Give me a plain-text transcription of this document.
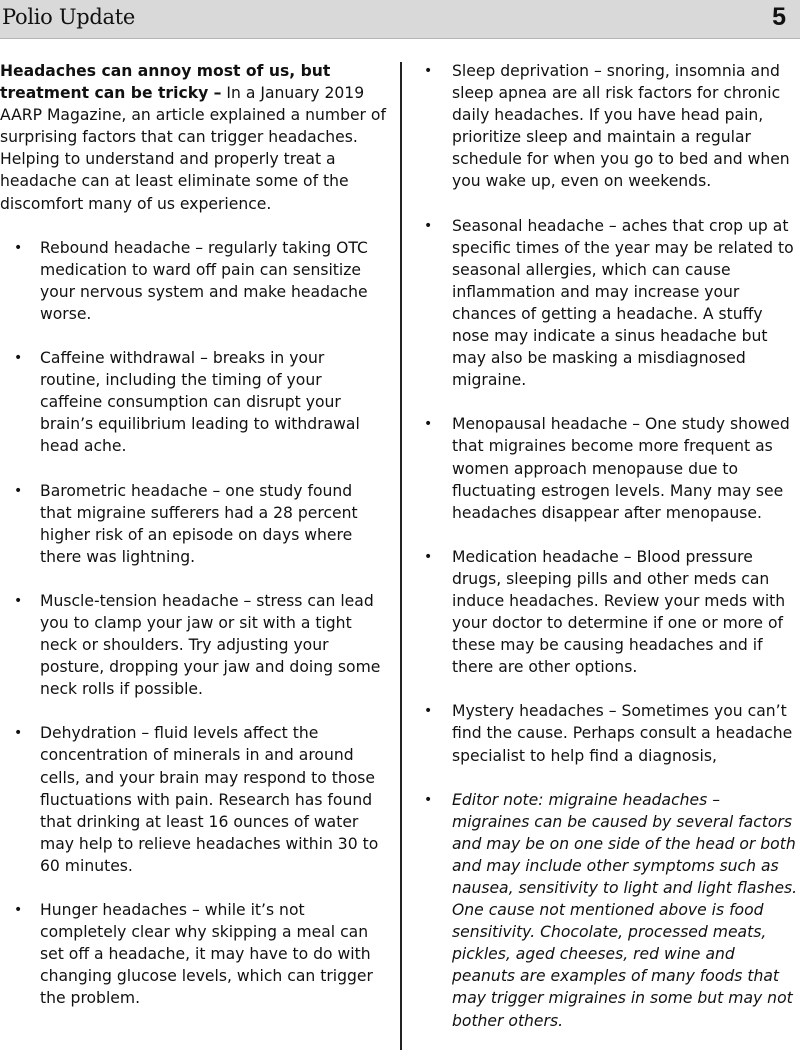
Polio Update	5

Headaches can annoy most of us, but treatment can be tricky – In a January 2019 AARP Magazine, an article explained a number of surprising factors that can trigger headaches. Helping to understand and properly treat a headache can at least eliminate some of the discomfort many of us experience.

• Rebound headache – regularly taking OTC medication to ward off pain can sensitize your nervous system and make headache worse.
• Caffeine withdrawal – breaks in your routine, including the timing of your caffeine consumption can disrupt your brain’s equilibrium leading to withdrawal head ache.
• Barometric headache – one study found that migraine sufferers had a 28 percent higher risk of an episode on days where there was lightning.
• Muscle-tension headache – stress can lead you to clamp your jaw or sit with a tight neck or shoulders. Try adjusting your posture, dropping your jaw and doing some neck rolls if possible.
• Dehydration – fluid levels affect the concentration of minerals in and around cells, and your brain may respond to those fluctuations with pain. Research has found that drinking at least 16 ounces of water may help to relieve headaches within 30 to 60 minutes.
• Hunger headaches – while it’s not completely clear why skipping a meal can set off a headache, it may have to do with changing glucose levels, which can trigger the problem.
• Sleep deprivation – snoring, insomnia and sleep apnea are all risk factors for chronic daily headaches. If you have head pain, prioritize sleep and maintain a regular schedule for when you go to bed and when you wake up, even on weekends.
• Seasonal headache – aches that crop up at specific times of the year may be related to seasonal allergies, which can cause inflammation and may increase your chances of getting a headache. A stuffy nose may indicate a sinus headache but may also be masking a misdiagnosed migraine.
• Menopausal headache – One study showed that migraines become more frequent as women approach menopause due to fluctuating estrogen levels. Many may see headaches disappear after menopause.
• Medication headache – Blood pressure drugs, sleeping pills and other meds can induce headaches. Review your meds with your doctor to determine if one or more of these may be causing headaches and if there are other options.
• Mystery headaches – Sometimes you can’t find the cause. Perhaps consult a headache specialist to help find a diagnosis,
• Editor note: migraine headaches – migraines can be caused by several factors and may be on one side of the head or both and may include other symptoms such as nausea, sensitivity to light and light flashes. One cause not mentioned above is food sensitivity. Chocolate, processed meats, pickles, aged cheeses, red wine and peanuts are examples of many foods that may trigger migraines in some but may not bother others.
